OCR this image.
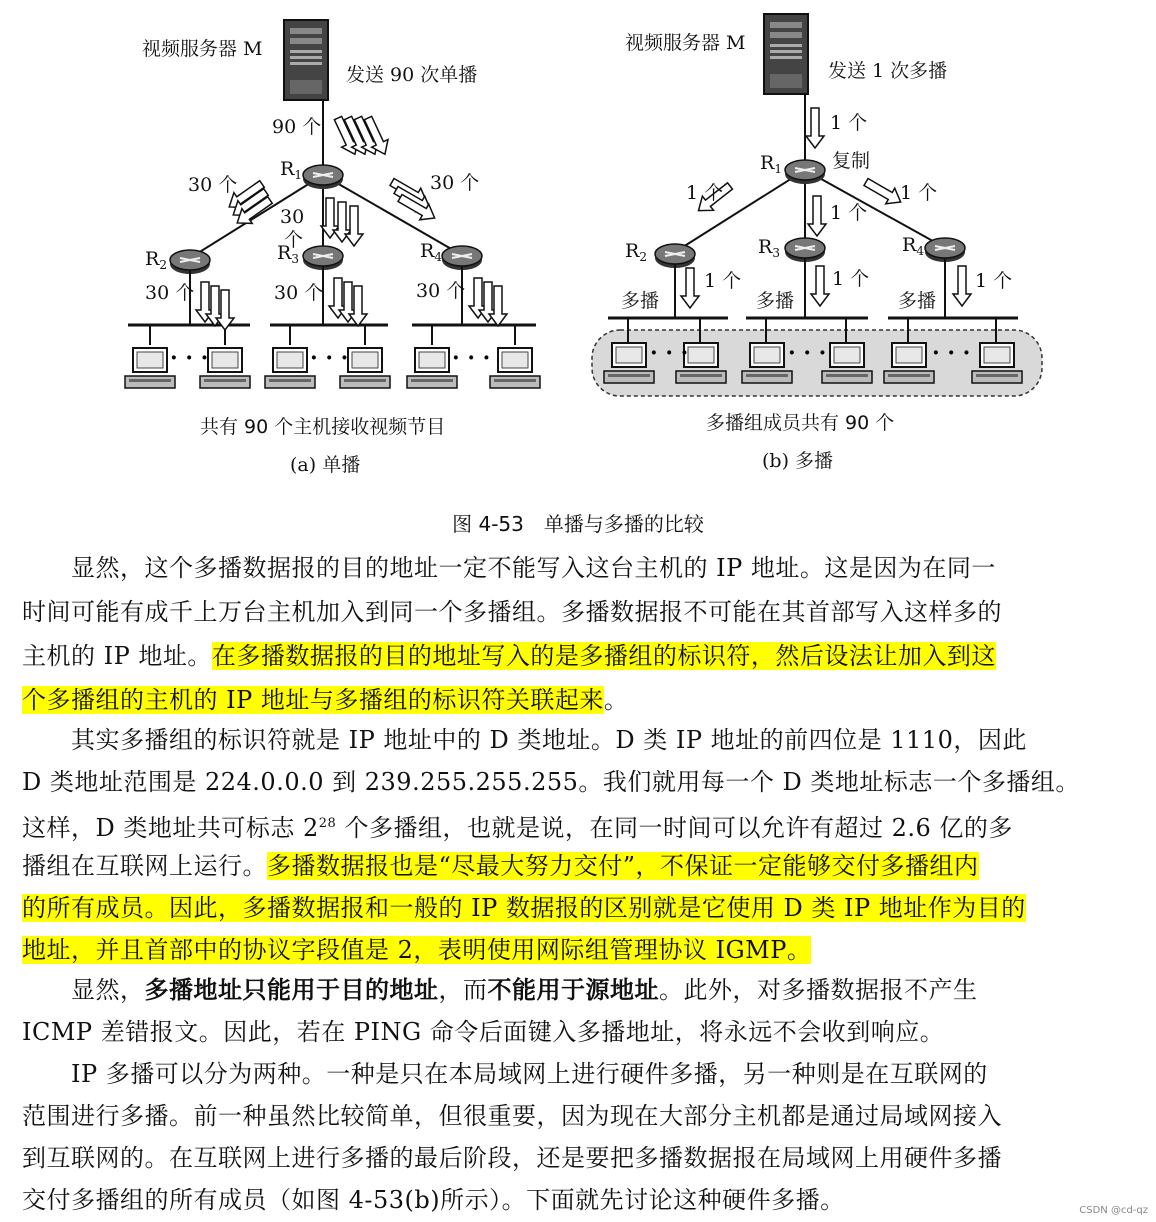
· · ·	· · ·	· · ·	· · ·	· · ·	· · ·
视频服务器 M
发送 90 次单播
90 个
$R_1$
30 个
30
个
30 个
$R_2$
$R_3$	$R_4$
30 个	30 个	30 个
共有 90 个主机接收视频节目
(a) 单播
视频服务器 M
发送 1 次多播
1 个
$R_1$	复制
1 个
1 个
1 个
$R_2$	$R_3$	$R_4$
1 个	1 个	1 个
多播	多播	多播
多播组成员共有 90 个
(b) 多播
图 4-53　单播与多播的比较
　　显然，这个多播数据报的目的地址一定不能写入这台主机的 IP 地址。这是因为在同一
时间可能有成千上万台主机加入到同一个多播组。多播数据报不可能在其首部写入这样多的
主机的 IP 地址。在多播数据报的目的地址写入的是多播组的标识符，然后设法让加入到这
个多播组的主机的 IP 地址与多播组的标识符关联起来。
　　其实多播组的标识符就是 IP 地址中的 D 类地址。D 类 IP 地址的前四位是 1110，因此
D 类地址范围是 224.0.0.0 到 239.255.255.255。我们就用每一个 D 类地址标志一个多播组。
这样，D 类地址共可标志 $2^{28}$ 个多播组，也就是说，在同一时间可以允许有超过 2.6 亿的多
播组在互联网上运行。多播数据报也是“尽最大努力交付”，不保证一定能够交付多播组内
的所有成员。因此，多播数据报和一般的 IP 数据报的区别就是它使用 D 类 IP 地址作为目的
地址，并且首部中的协议字段值是 2，表明使用网际组管理协议 IGMP。
　　显然，多播地址只能用于目的地址，而不能用于源地址。此外，对多播数据报不产生
ICMP 差错报文。因此，若在 PING 命令后面键入多播地址，将永远不会收到响应。
　　IP 多播可以分为两种。一种是只在本局域网上进行硬件多播，另一种则是在互联网的
范围进行多播。前一种虽然比较简单，但很重要，因为现在大部分主机都是通过局域网接入
到互联网的。在互联网上进行多播的最后阶段，还是要把多播数据报在局域网上用硬件多播
交付多播组的所有成员（如图 4-53(b)所示）。下面就先讨论这种硬件多播。	CSDN @cd-qz
